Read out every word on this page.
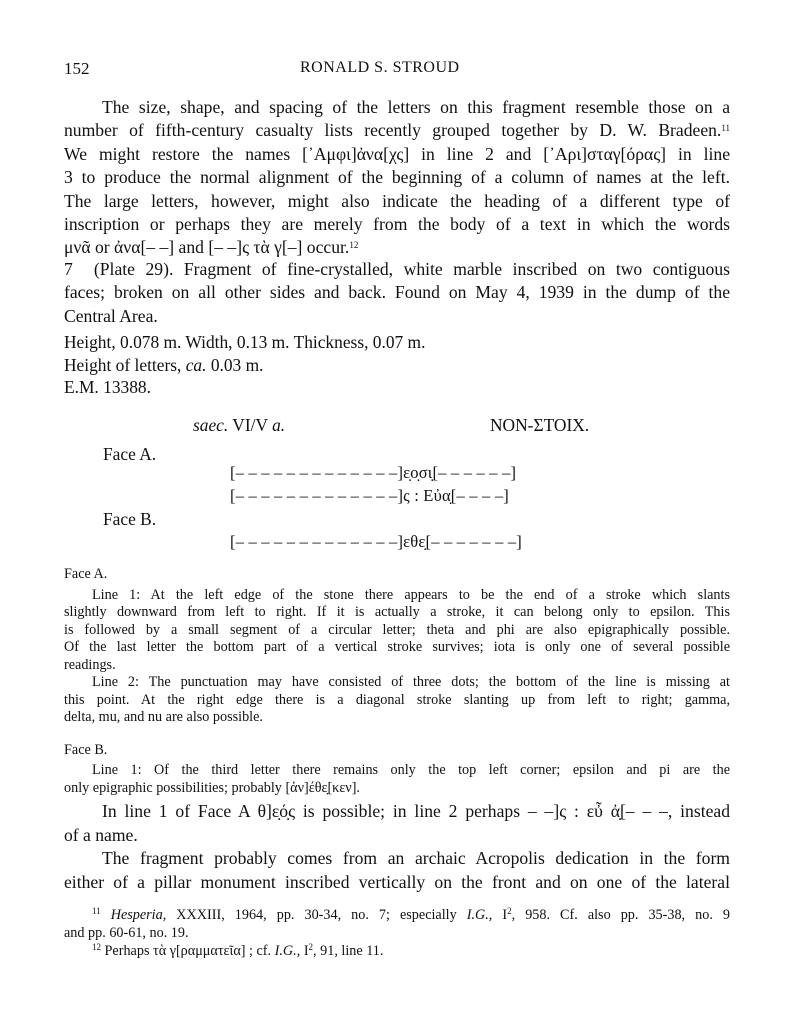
152	RONALD S. STROUD

The size, shape, and spacing of the letters on this fragment resemble those on a
number of fifth-century casualty lists recently grouped together by D. W. Bradeen.$^{11}$
We might restore the names [᾿Αμφι]ἀνα[χς] in line 2 and [᾿Αρι]σταγ[όρας] in line
3 to produce the normal alignment of the beginning of a column of names at the left.
The large letters, however, might also indicate the heading of a different type of
inscription or perhaps they are merely from the body of a text in which the words
μνᾶ or ἀνα[– –] and [– –]ς τὰ γ[–] occur.$^{12}$

7 (Plate 29). Fragment of fine-crystalled, white marble inscribed on two contiguous
faces; broken on all other sides and back. Found on May 4, 1939 in the dump of the
Central Area.

Height, 0.078 m. Width, 0.13 m. Thickness, 0.07 m.
Height of letters, ca. 0.03 m.
E.M. 13388.

saec. VI/V a.	NON-ΣΤΟΙΧ.
Face A.
[– – – – – – – – – – – – –]ε̣ο̣σι̣[– – – – – –]
[– – – – – – – – – – – – –]ς : Εὐα̣[– – – –]
Face B.
[– – – – – – – – – – – – –]εθε̣[– – – – – – –]
Face A.

Line 1: At the left edge of the stone there appears to be the end of a stroke which slants
slightly downward from left to right. If it is actually a stroke, it can belong only to epsilon. This
is followed by a small segment of a circular letter; theta and phi are also epigraphically possible.
Of the last letter the bottom part of a vertical stroke survives; iota is only one of several possible
readings.
Line 2: The punctuation may have consisted of three dots; the bottom of the line is missing at
this point. At the right edge there is a diagonal stroke slanting up from left to right; gamma,
delta, mu, and nu are also possible.

Face B.

Line 1: Of the third letter there remains only the top left corner; epsilon and pi are the
only epigraphic possibilities; probably [ἀν]έθε̣[κεν].

In line 1 of Face A θ]ε̣ό̣ς is possible; in line 2 perhaps – –]ς : εὖ ἀ̣[– – –, instead
of a name.
The fragment probably comes from an archaic Acropolis dedication in the form
either of a pillar monument inscribed vertically on the front and on one of the lateral

$^{11}$ Hesperia, XXXIII, 1964, pp. 30-34, no. 7; especially I.G., $I^2$, 958. Cf. also pp. 35-38, no. 9
and pp. 60-61, no. 19.
$^{12}$ Perhaps τὰ γ[ραμματεῖα] ; cf. I.G., $I^2$, 91, line 11.
